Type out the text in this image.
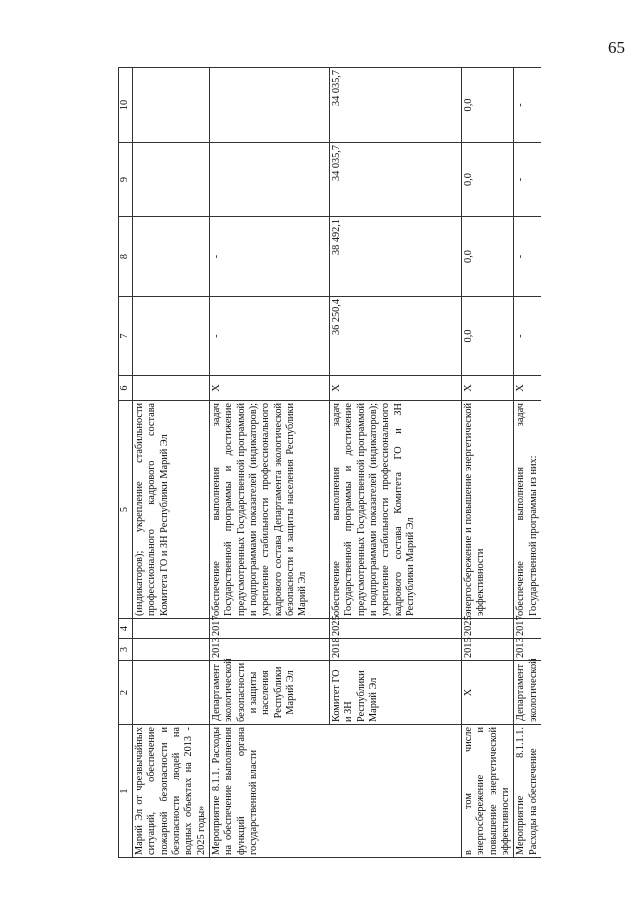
65
1	2	3	4	5	6	7	8	9	10
Марий Эл от чрезвычайных ситуаций, обеспечение пожарной безопасности и безопасности людей на водных объектах на 2013 - 2025 годы»				(индикаторов); укрепление стабильности профессионального кадрового состава Комитета ГО и ЗН Республики Марий Эл					
Мероприятие 8.1.1. Расходы на обеспечение выполнения функций органа государственной власти	Департамент экологической безопасности и защиты населения Республики Марий Эл	2013	2017	обеспечение выполнения задач Государственной программы и достижение предусмотренных Государственной программой и подпрограммами показателей (индикаторов); укрепление стабильности профессионального кадрового состава Департамента экологической безопасности и защиты населения Республики Марий Эл	X	-	-		
	Комитет ГО и ЗН Республики Марий Эл	2018	2025	обеспечение выполнения задач Государственной программы и достижение предусмотренных Государственной программой и подпрограммами показателей (индикаторов); укрепление стабильности профессионального кадрового состава Комитета ГО и ЗН Республики Марий Эл	X	36 250,4	38 492,1	34 035,7	34 035,7
в том числе энергосбережение и повышение энергетической эффективности	X	2015	2025	энергосбережение и повышение энергетической эффективности	X	0,0	0,0	0,0	0,0
Мероприятие 8.1.1.1. Расходы на обеспечение	Департамент экологической	2013	2017	обеспечение выполнения задач Государственной программы из них:	X	-	-	-	-
